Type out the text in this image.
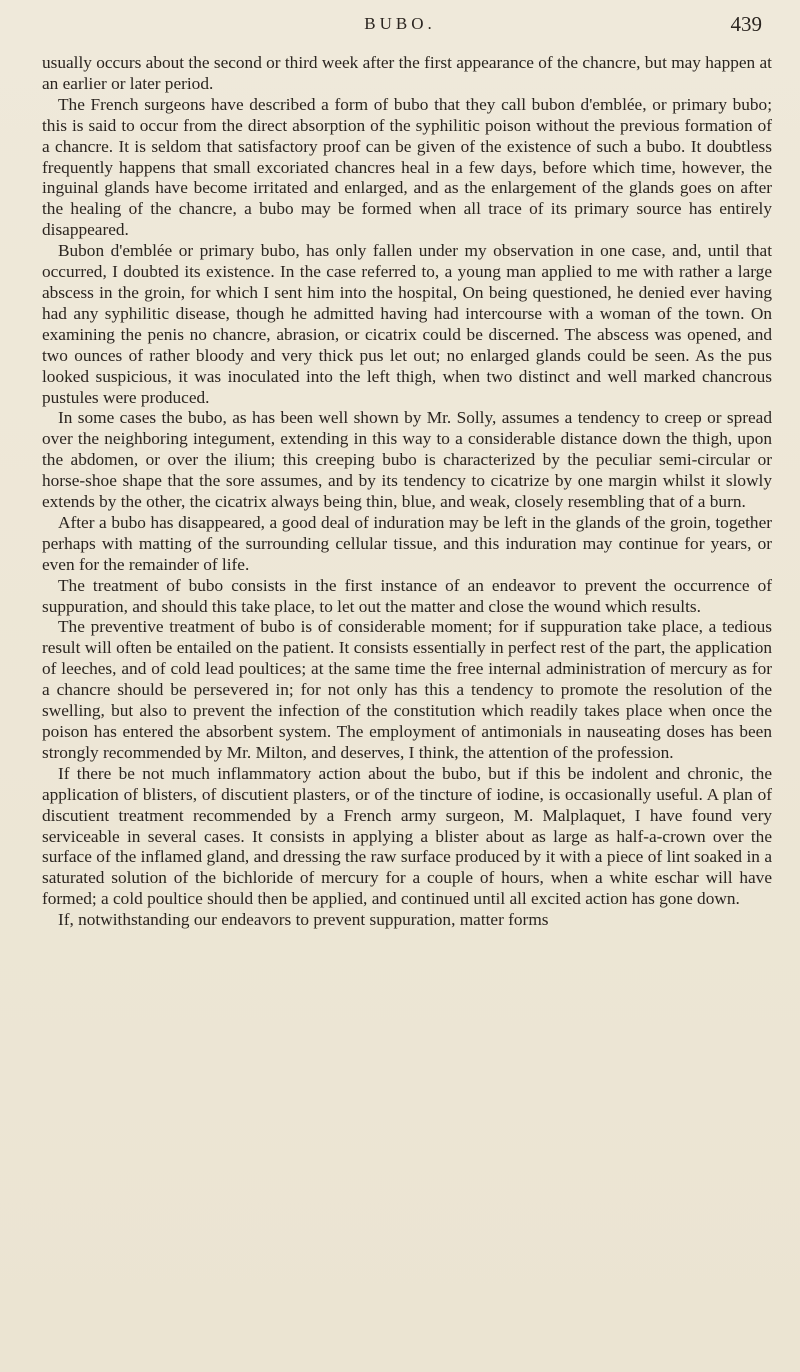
BUBO.	439

usually occurs about the second or third week after the first appearance of the chancre, but may happen at an earlier or later period.

The French surgeons have described a form of bubo that they call bubon d'emblée, or primary bubo; this is said to occur from the direct absorption of the syphilitic poison without the previous formation of a chancre. It is seldom that satisfactory proof can be given of the existence of such a bubo. It doubtless frequently happens that small excoriated chancres heal in a few days, before which time, however, the inguinal glands have become irritated and enlarged, and as the enlargement of the glands goes on after the healing of the chancre, a bubo may be formed when all trace of its primary source has entirely disappeared.

Bubon d'emblée or primary bubo, has only fallen under my observation in one case, and, until that occurred, I doubted its existence. In the case referred to, a young man applied to me with rather a large abscess in the groin, for which I sent him into the hospital, On being questioned, he denied ever having had any syphilitic disease, though he admitted having had intercourse with a woman of the town. On examining the penis no chancre, abrasion, or cicatrix could be discerned. The abscess was opened, and two ounces of rather bloody and very thick pus let out; no enlarged glands could be seen. As the pus looked suspicious, it was inoculated into the left thigh, when two distinct and well marked chancrous pustules were produced.

In some cases the bubo, as has been well shown by Mr. Solly, assumes a tendency to creep or spread over the neighboring integument, extending in this way to a considerable distance down the thigh, upon the abdomen, or over the ilium; this creeping bubo is characterized by the peculiar semi-circular or horse-shoe shape that the sore assumes, and by its tendency to cicatrize by one margin whilst it slowly extends by the other, the cicatrix always being thin, blue, and weak, closely resembling that of a burn.

After a bubo has disappeared, a good deal of induration may be left in the glands of the groin, together perhaps with matting of the surrounding cellular tissue, and this induration may continue for years, or even for the remainder of life.

The treatment of bubo consists in the first instance of an endeavor to prevent the occurrence of suppuration, and should this take place, to let out the matter and close the wound which results.

The preventive treatment of bubo is of considerable moment; for if suppuration take place, a tedious result will often be entailed on the patient. It consists essentially in perfect rest of the part, the application of leeches, and of cold lead poultices; at the same time the free internal administration of mercury as for a chancre should be persevered in; for not only has this a tendency to promote the resolution of the swelling, but also to prevent the infection of the constitution which readily takes place when once the poison has entered the absorbent system. The employment of antimonials in nauseating doses has been strongly recommended by Mr. Milton, and deserves, I think, the attention of the profession.

If there be not much inflammatory action about the bubo, but if this be indolent and chronic, the application of blisters, of discutient plasters, or of the tincture of iodine, is occasionally useful. A plan of discutient treatment recommended by a French army surgeon, M. Malplaquet, I have found very serviceable in several cases. It consists in applying a blister about as large as half-a-crown over the surface of the inflamed gland, and dressing the raw surface produced by it with a piece of lint soaked in a saturated solution of the bichloride of mercury for a couple of hours, when a white eschar will have formed; a cold poultice should then be applied, and continued until all excited action has gone down.

If, notwithstanding our endeavors to prevent suppuration, matter forms
